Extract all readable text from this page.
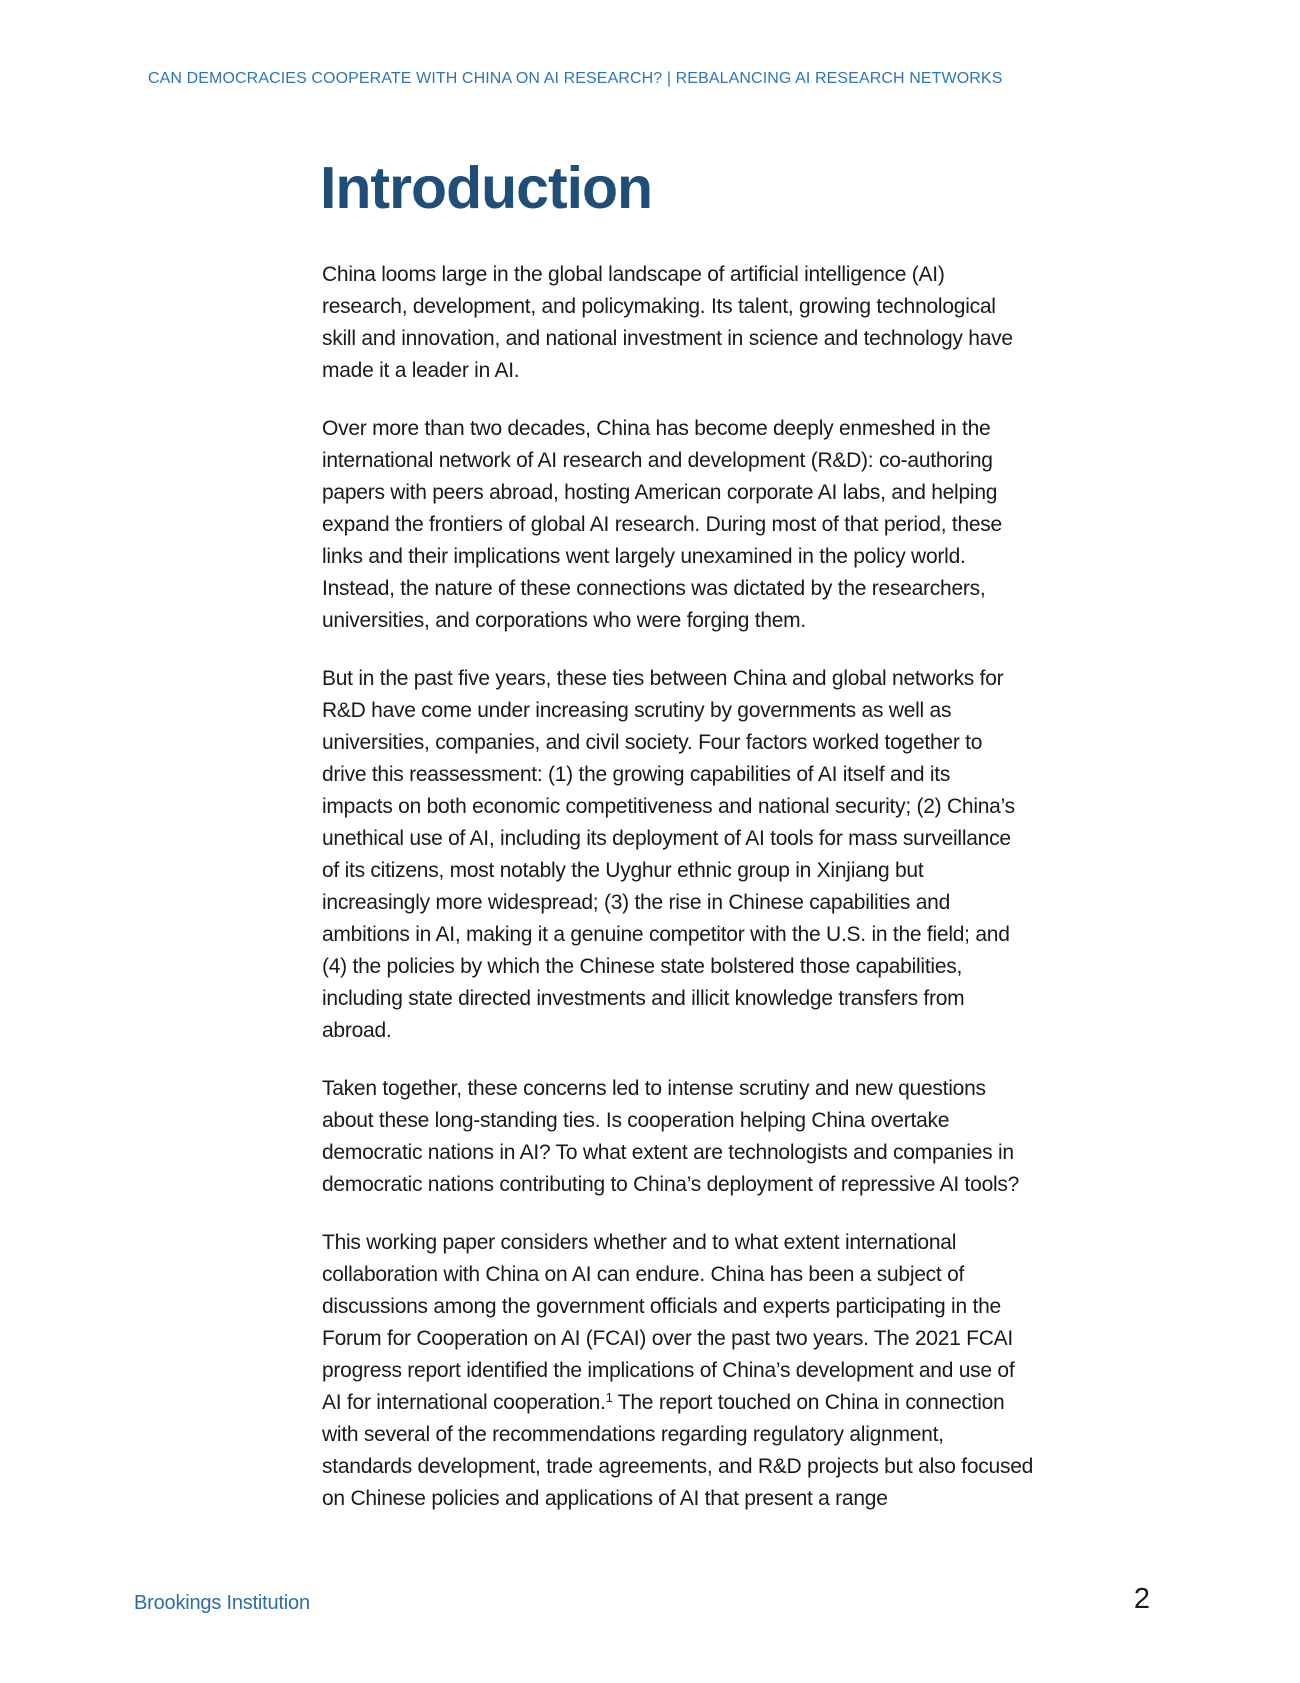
CAN DEMOCRACIES COOPERATE WITH CHINA ON AI RESEARCH? | REBALANCING AI RESEARCH NETWORKS
Introduction
China looms large in the global landscape of artificial intelligence (AI)
research, development, and policymaking. Its talent, growing technological
skill and innovation, and national investment in science and technology have
made it a leader in AI.
Over more than two decades, China has become deeply enmeshed in the
international network of AI research and development (R&D): co-authoring
papers with peers abroad, hosting American corporate AI labs, and helping
expand the frontiers of global AI research. During most of that period, these
links and their implications went largely unexamined in the policy world.
Instead, the nature of these connections was dictated by the researchers,
universities, and corporations who were forging them.
But in the past five years, these ties between China and global networks for
R&D have come under increasing scrutiny by governments as well as
universities, companies, and civil society. Four factors worked together to
drive this reassessment: (1) the growing capabilities of AI itself and its
impacts on both economic competitiveness and national security; (2) China’s
unethical use of AI, including its deployment of AI tools for mass surveillance
of its citizens, most notably the Uyghur ethnic group in Xinjiang but
increasingly more widespread; (3) the rise in Chinese capabilities and
ambitions in AI, making it a genuine competitor with the U.S. in the field; and
(4) the policies by which the Chinese state bolstered those capabilities,
including state directed investments and illicit knowledge transfers from
abroad.
Taken together, these concerns led to intense scrutiny and new questions
about these long-standing ties. Is cooperation helping China overtake
democratic nations in AI? To what extent are technologists and companies in
democratic nations contributing to China’s deployment of repressive AI tools?
This working paper considers whether and to what extent international
collaboration with China on AI can endure. China has been a subject of
discussions among the government officials and experts participating in the
Forum for Cooperation on AI (FCAI) over the past two years. The 2021 FCAI
progress report identified the implications of China’s development and use of
AI for international cooperation.$^1$ The report touched on China in connection
with several of the recommendations regarding regulatory alignment,
standards development, trade agreements, and R&D projects but also focused
on Chinese policies and applications of AI that present a range
Brookings Institution	2
